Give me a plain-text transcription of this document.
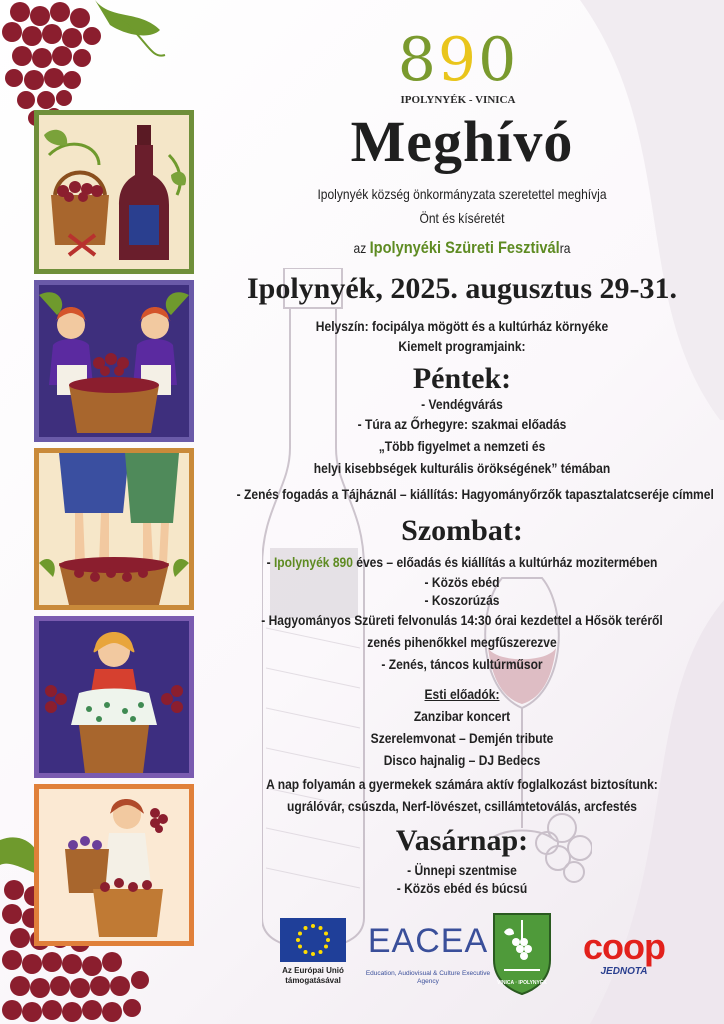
890
IPOLYNYÉK - VINICA
Meghívó
Ipolynyék község önkormányzata szeretettel meghívja
Önt és kíséretét
az Ipolynyéki Szüreti Fesztiválra
Ipolynyék, 2025. augusztus 29-31.
Helyszín: focipálya mögött és a kultúrház környéke
Kiemelt programjaink:
Péntek:
- Vendégvárás
- Túra az Őrhegyre: szakmai előadás
„Több figyelmet a nemzeti és
helyi kisebbségek kulturális örökségének” témában
- Zenés fogadás a Tájháznál – kiállítás: Hagyományőrzők tapasztalatcseréje címmel
Szombat:
- Ipolynyék 890 éves – előadás és kiállítás a kultúrház mozitermében
- Közös ebéd
- Koszorúzás
- Hagyományos Szüreti felvonulás 14:30 órai kezdettel a Hősök teréről
zenés pihenőkkel megfűszerezve
- Zenés, táncos kultúrműsor
Esti előadók:
Zanzibar koncert
Szerelemvonat – Demjén tribute
Disco hajnalig – DJ Bedecs
A nap folyamán a gyermekek számára aktív foglalkozást biztosítunk:
ugrálóvár, csúszda, Nerf-lövészet, csillámtetoválás, arcfestés
Vasárnap:
- Ünnepi szentmise
- Közös ebéd és búcsú
Az Európai Unió támogatásával
EACEA
Education, Audiovisual & Culture Executive Agency	VINICA · IPOLYNYÉK
coop
JEDNOTA
